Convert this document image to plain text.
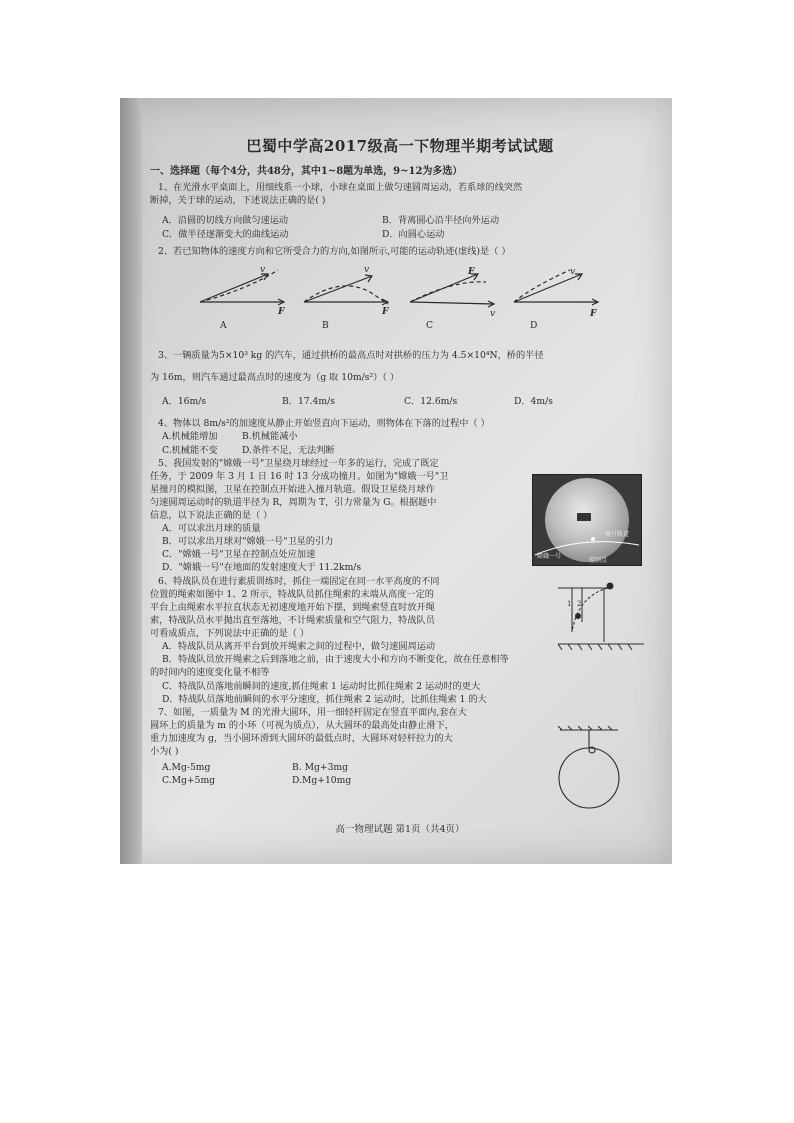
巴蜀中学高2017级高一下物理半期考试试题
一、选择题（每个4分，共48分，其中1~8题为单选，9~12为多选）
1、在光滑水平桌面上，用细线系一小球，小球在桌面上做匀速圆周运动，若系球的线突然
断掉，关于球的运动，下述说法正确的是( )
A．沿圆的切线方向做匀速运动	B．背离圆心沿半径向外运动
C．做半径逐渐变大的曲线运动	D．向圆心运动
2、若已知物体的速度方向和它所受合力的方向,如图所示,可能的运动轨迹(虚线)是（ ）
v
F
v
F
F
v
v
F
A	B	C	D
3、一辆质量为5×10³ kg 的汽车，通过拱桥的最高点时对拱桥的压力为 4.5×10⁴N，桥的半径
为 16m，则汽车通过最高点时的速度为（g 取 10m/s²）（ ）
A．16m/s	B．17.4m/s	C．12.6m/s	D．4m/s
4、物体以 8m/s²的加速度从静止开始竖直向下运动，则物体在下落的过程中（ ）
A.机械能增加	B.机械能减小
C.机械能不变	D.条件不足，无法判断
5、我国发射的"嫦娥一号"卫星绕月球经过一年多的运行，完成了既定
任务，于 2009 年 3 月 1 日 16 时 13 分成功撞月。如图为"嫦娥一号"卫
星撞月的模拟图，卫星在控制点开始进入撞月轨道。假设卫星绕月球作
匀速圆周运动时的轨道半径为 R，周期为 T，引力常量为 G。根据题中
信息，以下说法正确的是（ ）
A．可以求出月球的质量
B．可以求出月球对"嫦娥一号"卫星的引力
C．"嫦娥一号"卫星在控制点处应加速
D．"嫦娥一号"在地面的发射速度大于 11.2km/s
撞月轨道
嫦娥一号
控制点
6、特战队员在进行素质训练时，抓住一端固定在同一水平高度的不同
位置的绳索如图中 1、2 所示，特战队员抓住绳索的末端从高度一定的
平台上由绳索水平拉直状态无初速度地开始下摆，到绳索竖直时放开绳
索，特战队员水平抛出直至落地，不计绳索质量和空气阻力，特战队员
可看成质点，下列说法中正确的是（ ）
A．特战队员从离开平台到放开绳索之间的过程中，做匀速圆周运动
B．特战队员放开绳索之后到落地之前，由于速度大小和方向不断变化，故在任意相等
的时间内的速度变化量不相等
C．特战队员落地前瞬间的速度,抓住绳索 1 运动时比抓住绳索 2 运动时的更大
D．特战队员落地前瞬间的水平分速度，抓住绳索 2 运动时，比抓住绳索 1 的大
1 2
7、如图，一质量为 M 的光滑大圆环，用一细轻杆固定在竖直平面内,套在大
圆环上的质量为 m 的小环（可视为质点），从大圆环的最高处由静止滑下，
重力加速度为 g，当小圆环滑到大圆环的最低点时，大圆环对轻杆拉力的大
小为( )
A.Mg-5mg	B. Mg+3mg
C.Mg+5mg	D.Mg+10mg
高一物理试题 第1页（共4页）
